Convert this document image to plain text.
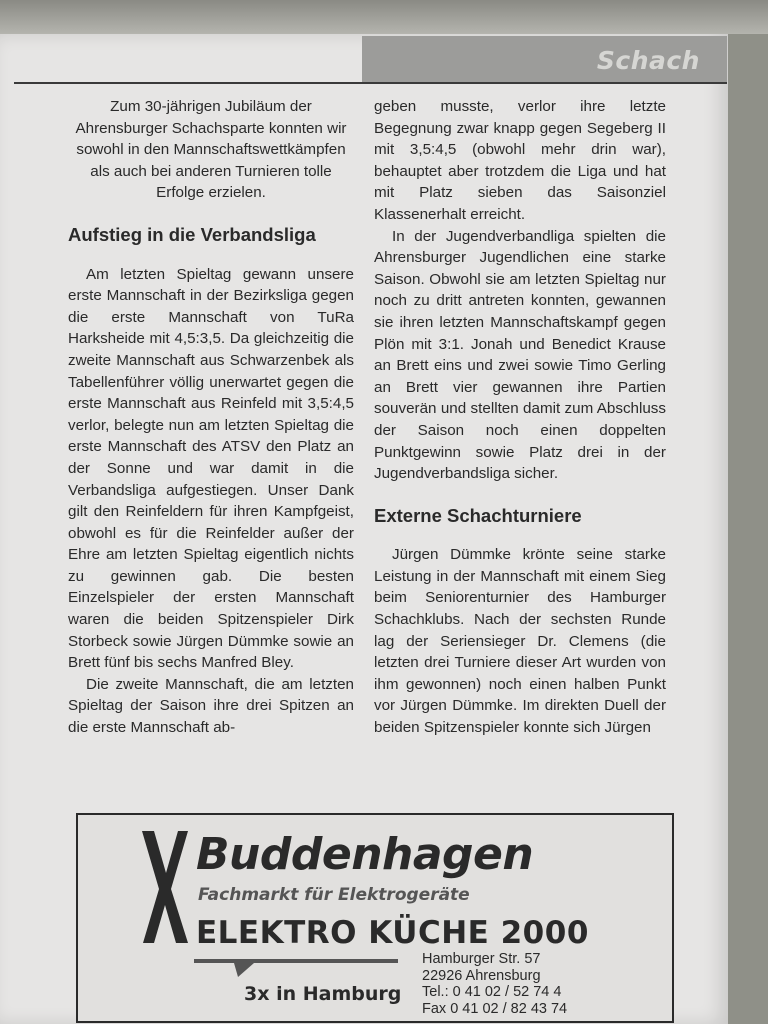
Schach

Zum 30-jährigen Jubiläum der Ahrensburger Schachsparte konnten wir sowohl in den Mannschaftswettkämpfen als auch bei anderen Turnieren tolle Erfolge erzielen.

Aufstieg in die Verbandsliga

Am letzten Spieltag gewann unsere erste Mannschaft in der Bezirksliga gegen die erste Mannschaft von TuRa Harksheide mit 4,5:3,5. Da gleichzeitig die zweite Mannschaft aus Schwarzenbek als Tabellenführer völlig unerwartet gegen die erste Mannschaft aus Reinfeld mit 3,5:4,5 verlor, belegte nun am letzten Spieltag die erste Mannschaft des ATSV den Platz an der Sonne und war damit in die Verbandsliga aufgestiegen. Unser Dank gilt den Reinfeldern für ihren Kampfgeist, obwohl es für die Reinfelder außer der Ehre am letzten Spieltag eigentlich nichts zu gewinnen gab. Die besten Einzelspieler der ersten Mannschaft waren die beiden Spitzenspieler Dirk Storbeck sowie Jürgen Dümmke sowie an Brett fünf bis sechs Manfred Bley.

Die zweite Mannschaft, die am letzten Spieltag der Saison ihre drei Spitzen an die erste Mannschaft ab-

geben musste, verlor ihre letzte Begegnung zwar knapp gegen Segeberg II mit 3,5:4,5 (obwohl mehr drin war), behauptet aber trotzdem die Liga und hat mit Platz sieben das Saisonziel Klassenerhalt erreicht.

In der Jugendverbandliga spielten die Ahrensburger Jugendlichen eine starke Saison. Obwohl sie am letzten Spieltag nur noch zu dritt antreten konnten, gewannen sie ihren letzten Mannschaftskampf gegen Plön mit 3:1. Jonah und Benedict Krause an Brett eins und zwei sowie Timo Gerling an Brett vier gewannen ihre Partien souverän und stellten damit zum Abschluss der Saison noch einen doppelten Punktgewinn sowie Platz drei in der Jugendverbandsliga sicher.

Externe Schachturniere

Jürgen Dümmke krönte seine starke Leistung in der Mannschaft mit einem Sieg beim Seniorenturnier des Hamburger Schachklubs. Nach der sechsten Runde lag der Seriensieger Dr. Clemens (die letzten drei Turniere dieser Art wurden von ihm gewonnen) noch einen halben Punkt vor Jürgen Dümmke. Im direkten Duell der beiden Spitzenspieler konnte sich Jürgen

Buddenhagen
Fachmarkt für Elektrogeräte
ELEKTRO KÜCHE 2000
3x in Hamburg
Hamburger Str. 57
22926 Ahrensburg
Tel.: 0 41 02 / 52 74 4
Fax 0 41 02 / 82 43 74
